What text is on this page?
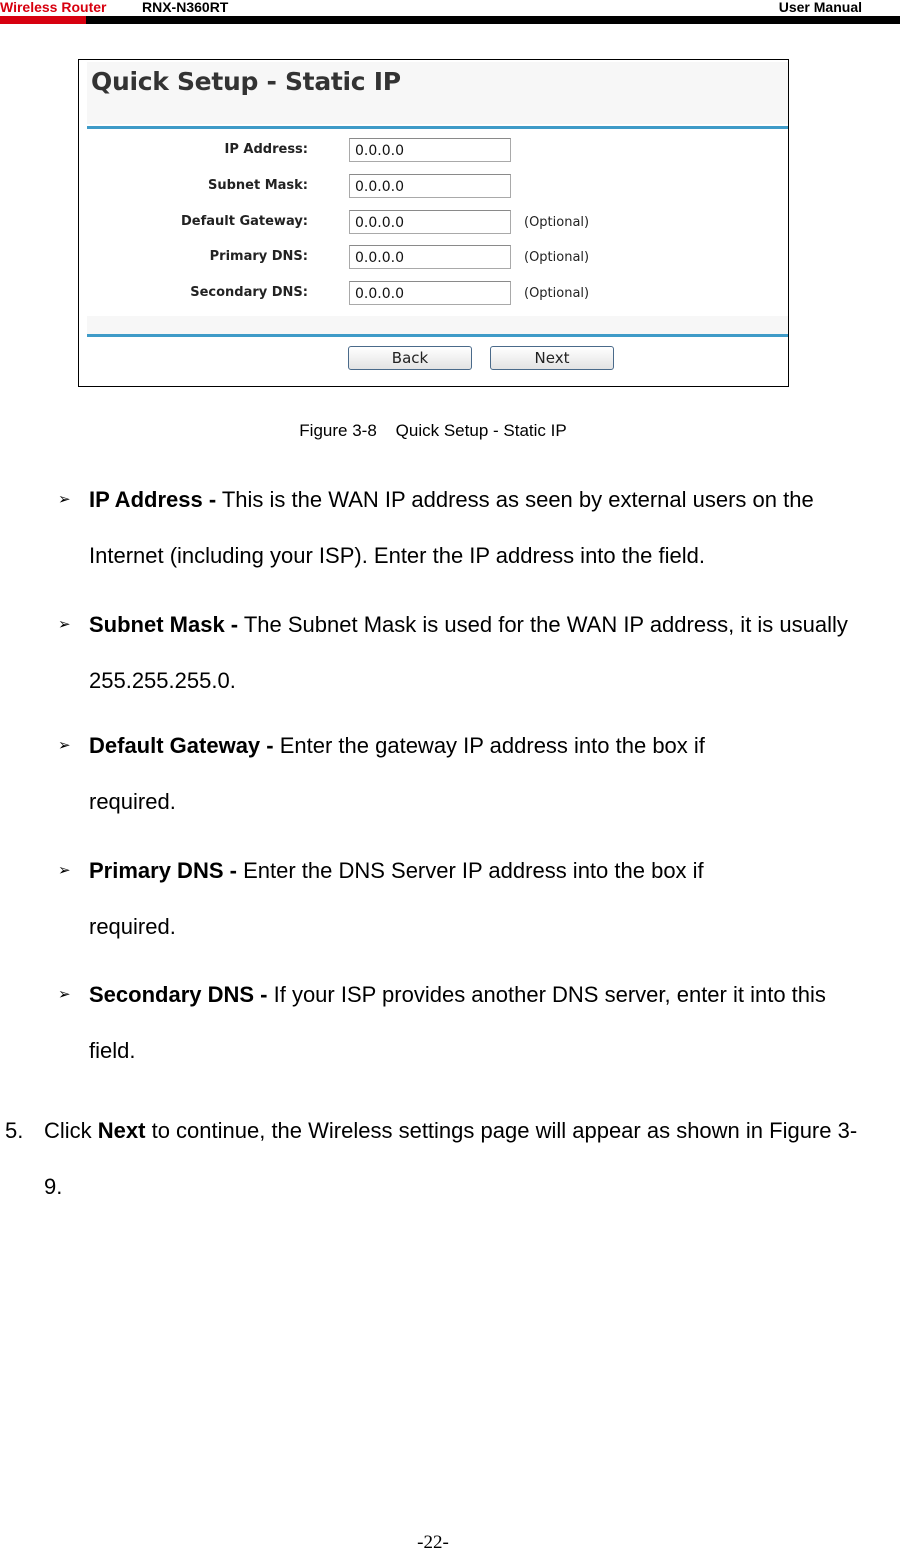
Wireless Router	RNX-N360RT	User Manual
Quick Setup - Static IP
IP Address:	0.0.0.0
Subnet Mask:	0.0.0.0
Default Gateway:	0.0.0.0	(Optional)
Primary DNS:	0.0.0.0	(Optional)
Secondary DNS:	0.0.0.0	(Optional)
Back	Next
Figure 3-8    Quick Setup - Static IP
➢ IP Address - This is the WAN IP address as seen by external users on the Internet (including your ISP). Enter the IP address into the field.
➢ Subnet Mask - The Subnet Mask is used for the WAN IP address, it is usually 255.255.255.0.
➢ Default Gateway - Enter the gateway IP address into the box if required.
➢ Primary DNS - Enter the DNS Server IP address into the box if required.
➢ Secondary DNS - If your ISP provides another DNS server, enter it into this field.
5. Click Next to continue, the Wireless settings page will appear as shown in Figure 3-9.
-22-
